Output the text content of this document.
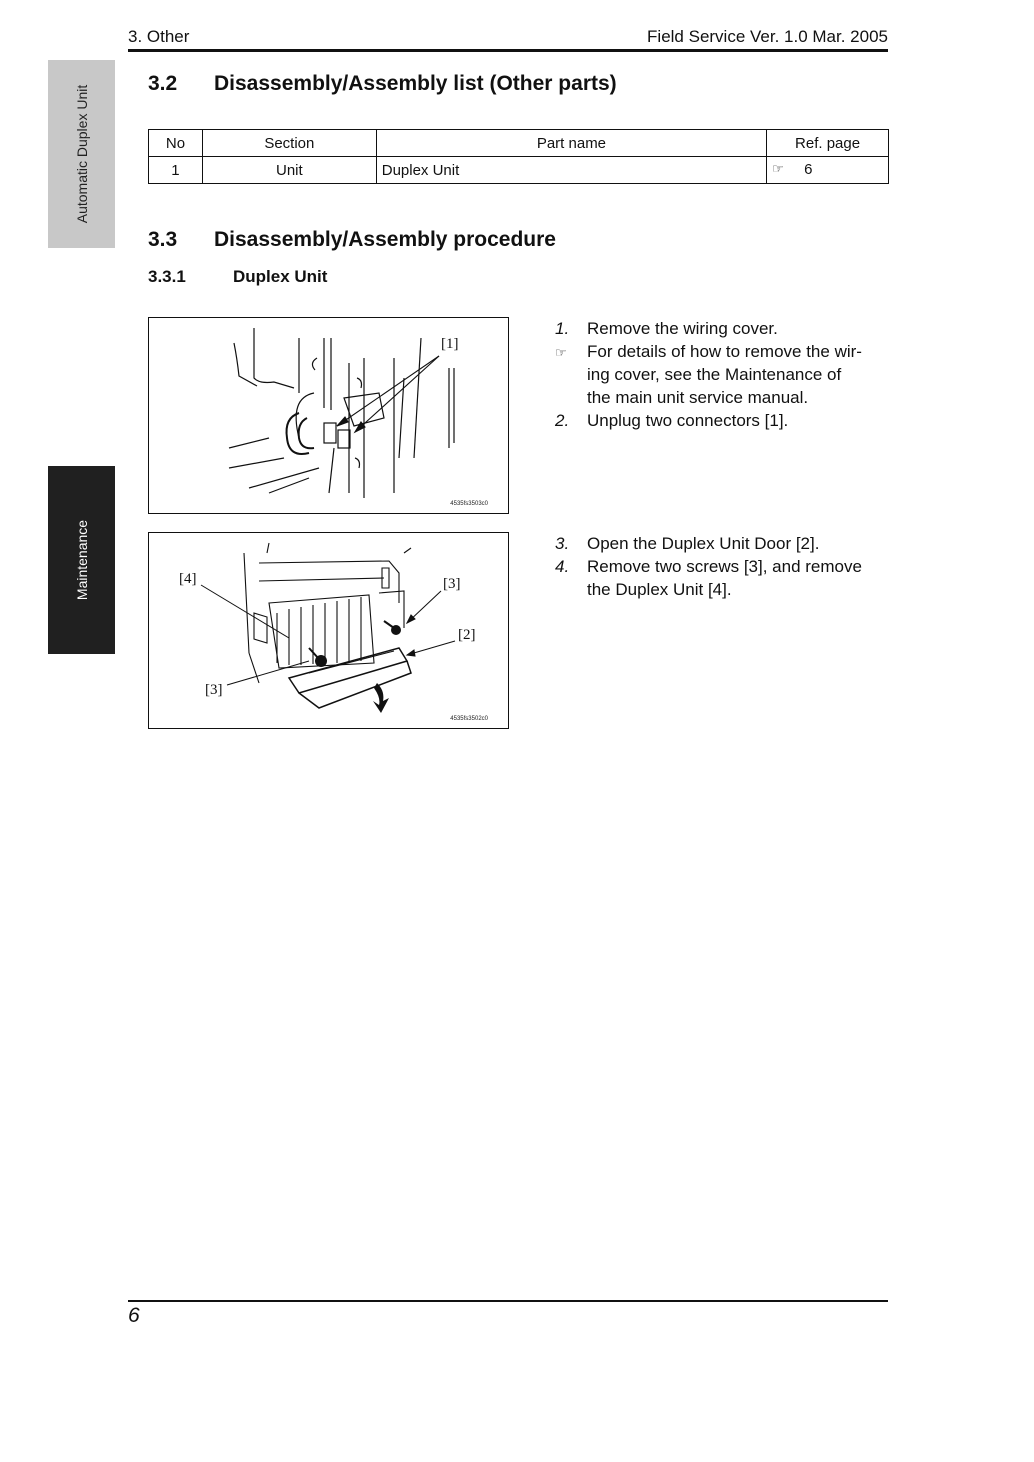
3. Other	Field Service Ver. 1.0 Mar. 2005
Automatic Duplex Unit
Maintenance
3.2 Disassembly/Assembly list (Other parts)
No	Section	Part name	Ref. page
1	Unit	Duplex Unit	☞ 6
3.3 Disassembly/Assembly procedure
3.3.1	Duplex Unit
[1]
4535fs3503c0
[4]	[3]
[2]
[3]
4535fs3502c0
1. Remove the wiring cover.
☞ For details of how to remove the wir-
ing cover, see the Maintenance of
the main unit service manual.
2. Unplug two connectors [1].
3. Open the Duplex Unit Door [2].
4. Remove two screws [3], and remove
the Duplex Unit [4].
6
